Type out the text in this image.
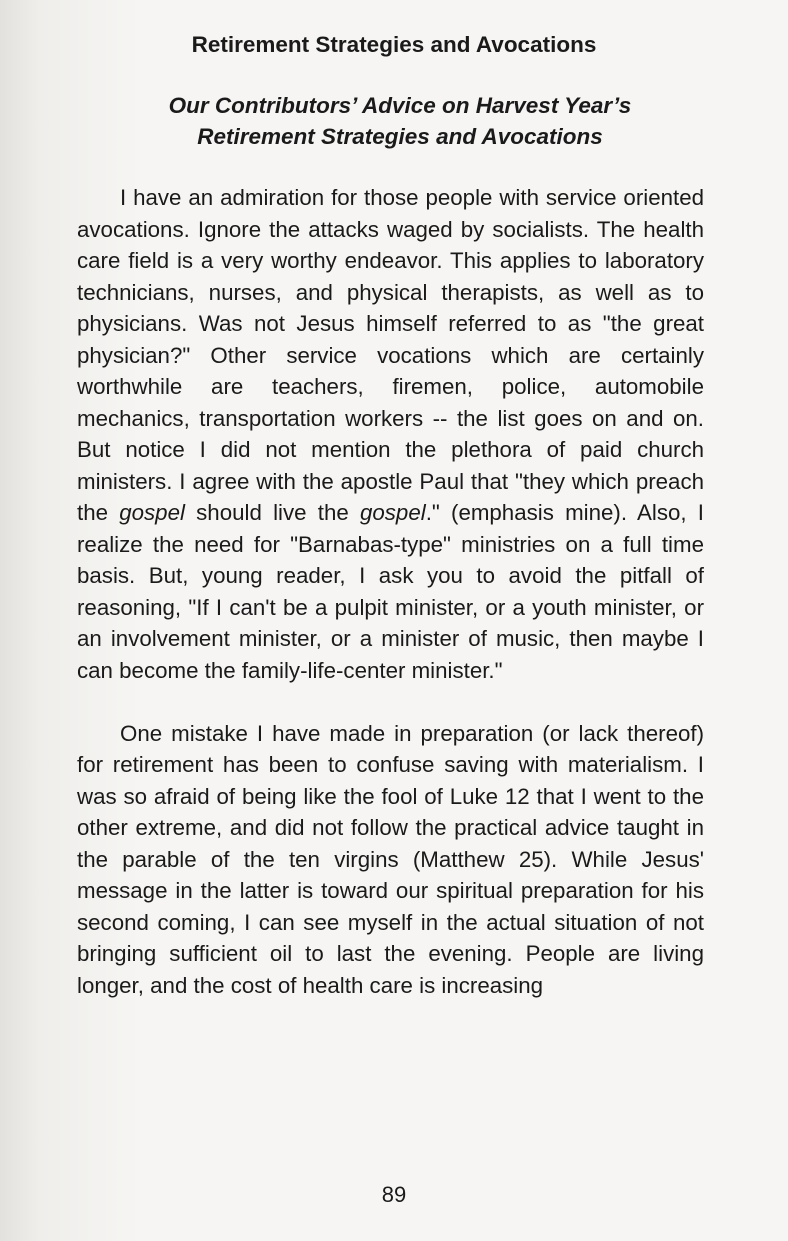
Retirement Strategies and Avocations
Our Contributors’ Advice on Harvest Year’s
Retirement Strategies and Avocations

I have an admiration for those people with service oriented avocations. Ignore the attacks waged by socialists. The health care field is a very worthy endeavor. This applies to laboratory technicians, nurses, and physical therapists, as well as to physicians. Was not Jesus himself referred to as "the great physician?" Other service vocations which are certainly worthwhile are teachers, firemen, police, automobile mechanics, transportation workers -- the list goes on and on. But notice I did not mention the plethora of paid church ministers. I agree with the apostle Paul that "they which preach the gospel should live the gospel." (emphasis mine). Also, I realize the need for "Barnabas-type" ministries on a full time basis. But, young reader, I ask you to avoid the pitfall of reasoning, "If I can't be a pulpit minister, or a youth minister, or an involvement minister, or a minister of music, then maybe I can become the family-life-center minister."

One mistake I have made in preparation (or lack thereof) for retirement has been to confuse saving with materialism. I was so afraid of being like the fool of Luke 12 that I went to the other extreme, and did not follow the practical advice taught in the parable of the ten virgins (Matthew 25). While Jesus' message in the latter is toward our spiritual preparation for his second coming, I can see myself in the actual situation of not bringing sufficient oil to last the evening. People are living longer, and the cost of health care is increasing

89
